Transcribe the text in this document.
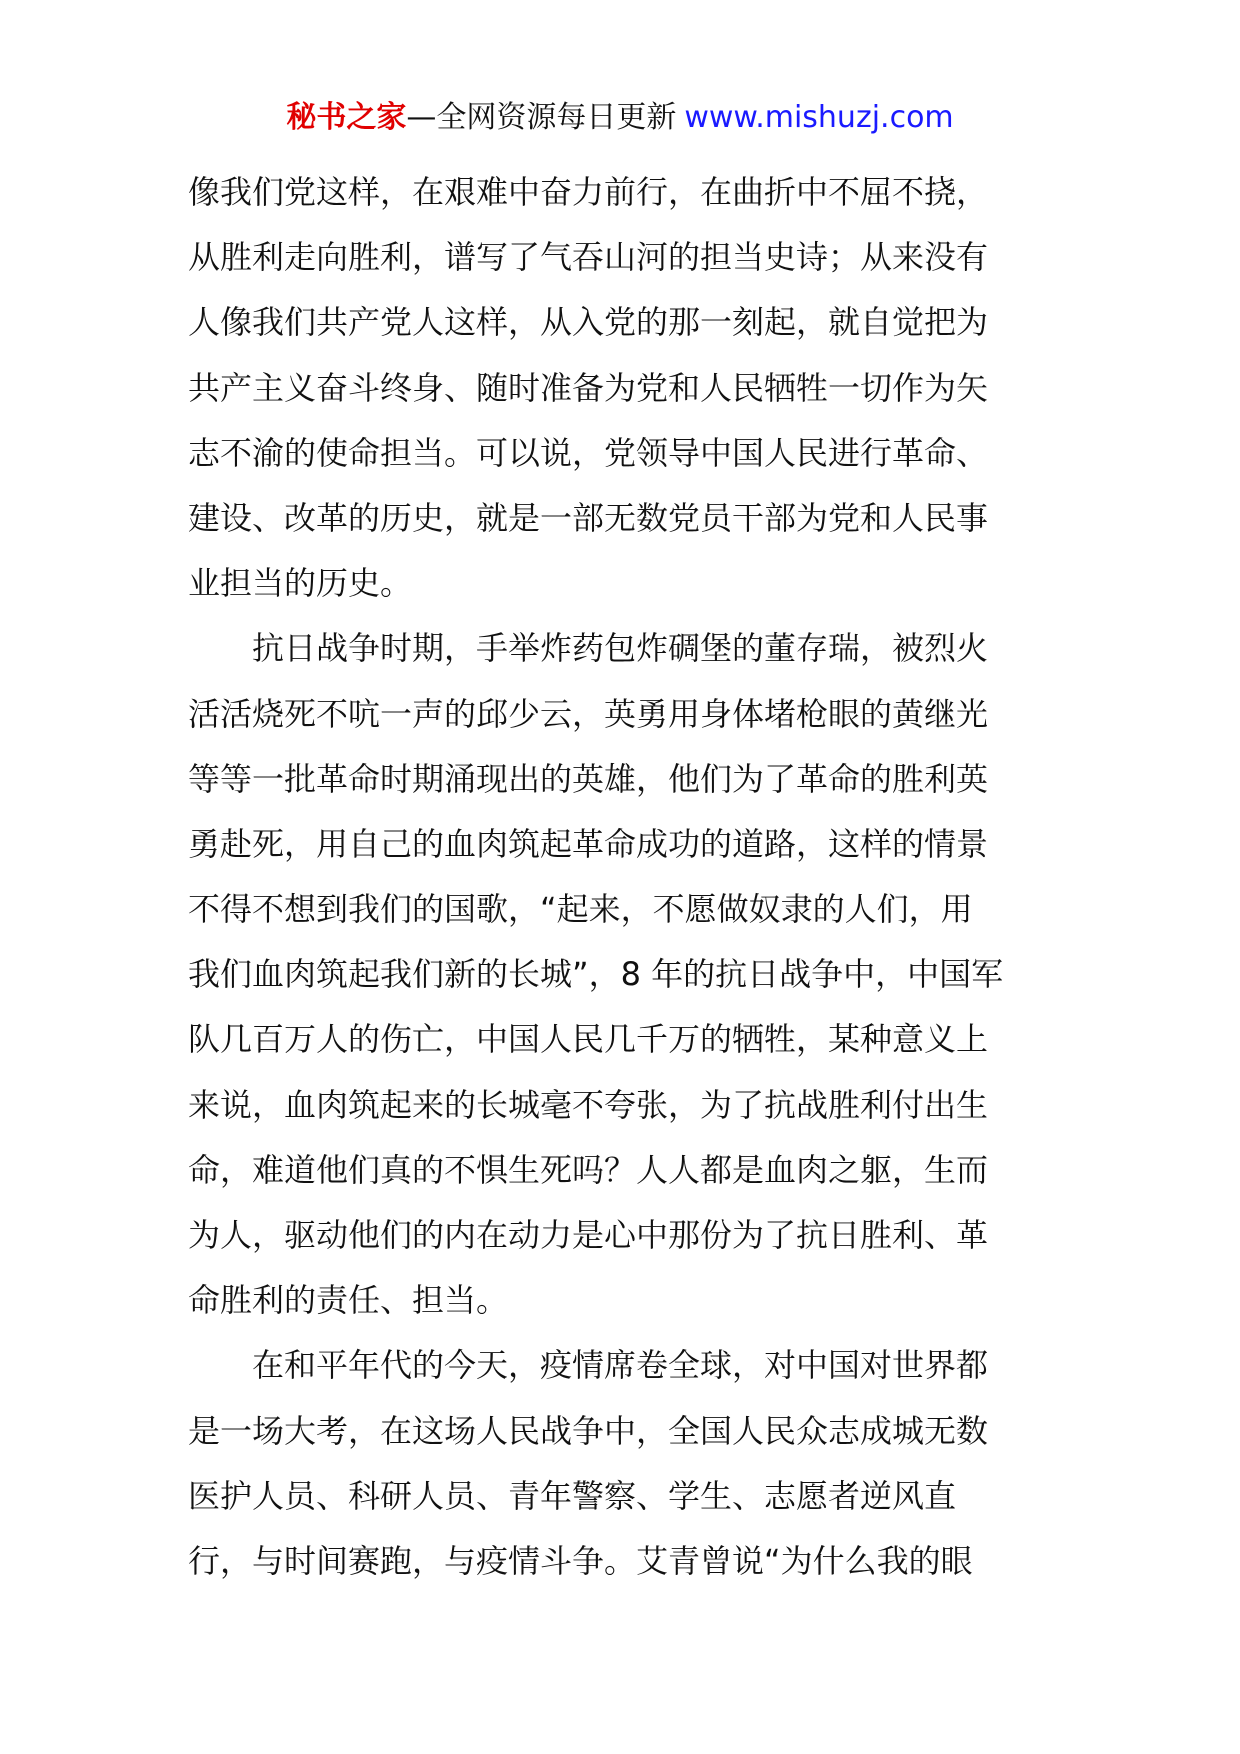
秘书之家—全网资源每日更新 www.mishuzj.com
像我们党这样，在艰难中奋力前行，在曲折中不屈不挠，
从胜利走向胜利，谱写了气吞山河的担当史诗；从来没有
人像我们共产党人这样，从入党的那一刻起，就自觉把为
共产主义奋斗终身、随时准备为党和人民牺牲一切作为矢
志不渝的使命担当。可以说，党领导中国人民进行革命、
建设、改革的历史，就是一部无数党员干部为党和人民事
业担当的历史。
　　抗日战争时期，手举炸药包炸碉堡的董存瑞，被烈火
活活烧死不吭一声的邱少云，英勇用身体堵枪眼的黄继光
等等一批革命时期涌现出的英雄，他们为了革命的胜利英
勇赴死，用自己的血肉筑起革命成功的道路，这样的情景
不得不想到我们的国歌，“起来，不愿做奴隶的人们，用
我们血肉筑起我们新的长城”，8 年的抗日战争中，中国军
队几百万人的伤亡，中国人民几千万的牺牲，某种意义上
来说，血肉筑起来的长城毫不夸张，为了抗战胜利付出生
命，难道他们真的不惧生死吗？人人都是血肉之躯，生而
为人，驱动他们的内在动力是心中那份为了抗日胜利、革
命胜利的责任、担当。
　　在和平年代的今天，疫情席卷全球，对中国对世界都
是一场大考，在这场人民战争中，全国人民众志成城无数
医护人员、科研人员、青年警察、学生、志愿者逆风直
行，与时间赛跑，与疫情斗争。艾青曾说“为什么我的眼
